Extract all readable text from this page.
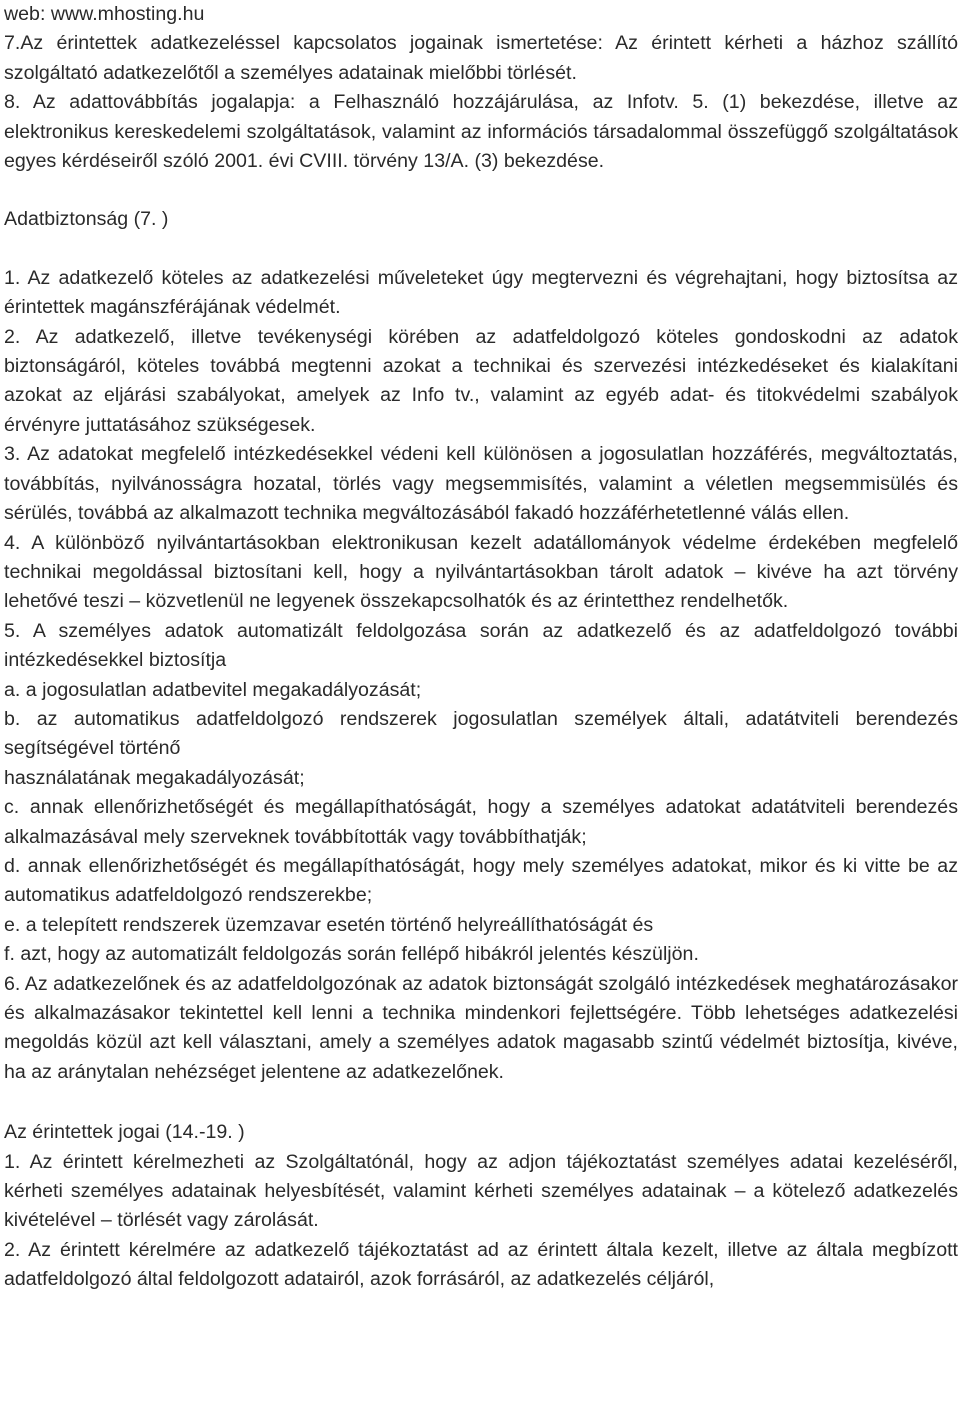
web: www.mhosting.hu

7.Az érintettek adatkezeléssel kapcsolatos jogainak ismertetése: Az érintett kérheti a házhoz szállító szolgáltató adatkezelőtől a személyes adatainak mielőbbi törlését.

8. Az adattovábbítás jogalapja: a Felhasználó hozzájárulása, az Infotv. 5. (1) bekezdése, illetve az elektronikus kereskedelemi szolgáltatások, valamint az információs társadalommal összefüggő szolgáltatások egyes kérdéseiről szóló 2001. évi CVIII. törvény 13/A. (3) bekezdése.

Adatbiztonság (7. )

1. Az adatkezelő köteles az adatkezelési műveleteket úgy megtervezni és végrehajtani, hogy biztosítsa az érintettek magánszférájának védelmét.

2. Az adatkezelő, illetve tevékenységi körében az adatfeldolgozó köteles gondoskodni az adatok biztonságáról, köteles továbbá megtenni azokat a technikai és szervezési intézkedéseket és kialakítani azokat az eljárási szabályokat, amelyek az Info tv., valamint az egyéb adat- és titokvédelmi szabályok érvényre juttatásához szükségesek.

3. Az adatokat megfelelő intézkedésekkel védeni kell különösen a jogosulatlan hozzáférés, megváltoztatás, továbbítás, nyilvánosságra hozatal, törlés vagy megsemmisítés, valamint a véletlen megsemmisülés és sérülés, továbbá az alkalmazott technika megváltozásából fakadó hozzáférhetetlenné válás ellen.

4. A különböző nyilvántartásokban elektronikusan kezelt adatállományok védelme érdekében megfelelő technikai megoldással biztosítani kell, hogy a nyilvántartásokban tárolt adatok – kivéve ha azt törvény lehetővé teszi – közvetlenül ne legyenek összekapcsolhatók és az érintetthez rendelhetők.

5. A személyes adatok automatizált feldolgozása során az adatkezelő és az adatfeldolgozó további intézkedésekkel biztosítja

a. a jogosulatlan adatbevitel megakadályozását;

b. az automatikus adatfeldolgozó rendszerek jogosulatlan személyek általi, adatátviteli berendezés segítségével történő

használatának megakadályozását;

c. annak ellenőrizhetőségét és megállapíthatóságát, hogy a személyes adatokat adatátviteli berendezés alkalmazásával mely szerveknek továbbították vagy továbbíthatják;

d. annak ellenőrizhetőségét és megállapíthatóságát, hogy mely személyes adatokat, mikor és ki vitte be az automatikus adatfeldolgozó rendszerekbe;

e. a telepített rendszerek üzemzavar esetén történő helyreállíthatóságát és

f. azt, hogy az automatizált feldolgozás során fellépő hibákról jelentés készüljön.

6. Az adatkezelőnek és az adatfeldolgozónak az adatok biztonságát szolgáló intézkedések meghatározásakor és alkalmazásakor tekintettel kell lenni a technika mindenkori fejlettségére. Több lehetséges adatkezelési megoldás közül azt kell választani, amely a személyes adatok magasabb szintű védelmét biztosítja, kivéve, ha az aránytalan nehézséget jelentene az adatkezelőnek.

Az érintettek jogai (14.-19. )

1. Az érintett kérelmezheti az Szolgáltatónál, hogy az adjon tájékoztatást személyes adatai kezeléséről, kérheti személyes adatainak helyesbítését, valamint kérheti személyes adatainak – a kötelező adatkezelés kivételével – törlését vagy zárolását.

2. Az érintett kérelmére az adatkezelő tájékoztatást ad az érintett általa kezelt, illetve az általa megbízott adatfeldolgozó által feldolgozott adatairól, azok forrásáról, az adatkezelés céljáról,
